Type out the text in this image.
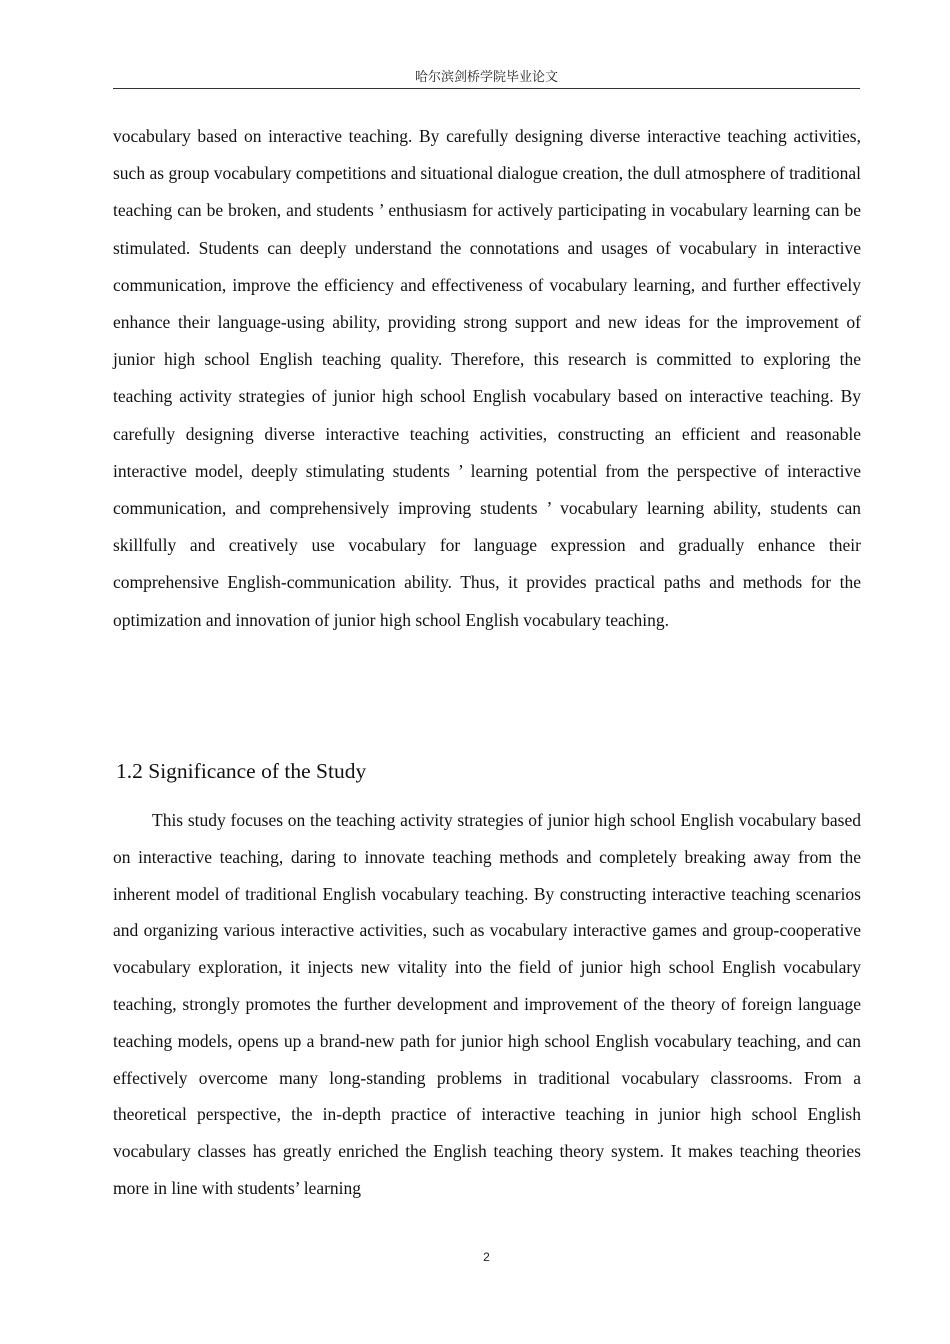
哈尔滨剑桥学院毕业论文

vocabulary based on interactive teaching. By carefully designing diverse interactive teaching activities, such as group vocabulary competitions and situational dialogue creation, the dull atmosphere of traditional teaching can be broken, and students ’ enthusiasm for actively participating in vocabulary learning can be stimulated. Students can deeply understand the connotations and usages of vocabulary in interactive communication, improve the efficiency and effectiveness of vocabulary learning, and further effectively enhance their language-using ability, providing strong support and new ideas for the improvement of junior high school English teaching quality. Therefore, this research is committed to exploring the teaching activity strategies of junior high school English vocabulary based on interactive teaching. By carefully designing diverse interactive teaching activities, constructing an efficient and reasonable interactive model, deeply stimulating students ’ learning potential from the perspective of interactive communication, and comprehensively improving students ’ vocabulary learning ability, students can skillfully and creatively use vocabulary for language expression and gradually enhance their comprehensive English-communication ability. Thus, it provides practical paths and methods for the optimization and innovation of junior high school English vocabulary teaching.

1.2 Significance of the Study

This study focuses on the teaching activity strategies of junior high school English vocabulary based on interactive teaching, daring to innovate teaching methods and completely breaking away from the inherent model of traditional English vocabulary teaching. By constructing interactive teaching scenarios and organizing various interactive activities, such as vocabulary interactive games and group-cooperative vocabulary exploration, it injects new vitality into the field of junior high school English vocabulary teaching, strongly promotes the further development and improvement of the theory of foreign language teaching models, opens up a brand-new path for junior high school English vocabulary teaching, and can effectively overcome many long-standing problems in traditional vocabulary classrooms. From a theoretical perspective, the in-depth practice of interactive teaching in junior high school English vocabulary classes has greatly enriched the English teaching theory system. It makes teaching theories more in line with students’ learning

2
